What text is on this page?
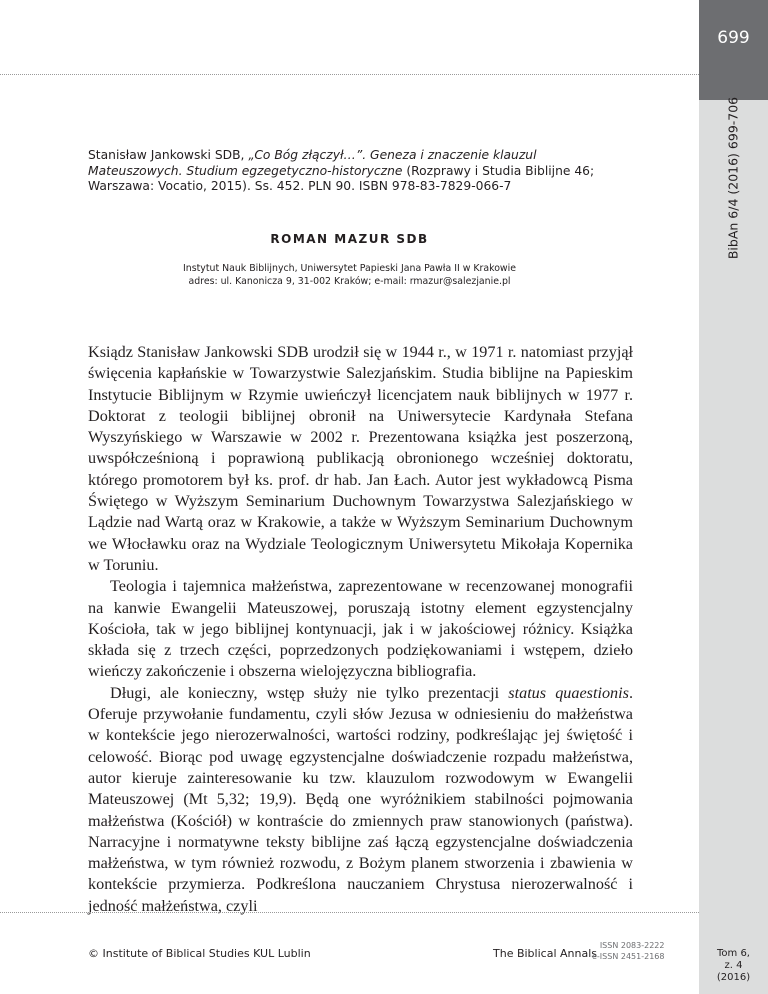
699
BibAn 6/4 (2016) 699-706
Tom 6,
z. 4
(2016)
Stanisław Jankowski SDB, „Co Bóg złączył…”. Geneza i znaczenie klauzul Mateuszowych. Studium egzegetyczno-historyczne (Rozprawy i Studia Biblijne 46; Warszawa: Vocatio, 2015). Ss. 452. PLN 90. ISBN 978-83-7829-066-7
ROMAN MAZUR SDB
Instytut Nauk Biblijnych, Uniwersytet Papieski Jana Pawła II w Krakowie
adres: ul. Kanonicza 9, 31-002 Kraków; e-mail: rmazur@salezjanie.pl

Ksiądz Stanisław Jankowski SDB urodził się w 1944 r., w 1971 r. natomiast przyjął święcenia kapłańskie w Towarzystwie Salezjańskim. Studia biblijne na Papieskim Instytucie Biblijnym w Rzymie uwieńczył licencjatem nauk biblijnych w 1977 r. Doktorat z teologii biblijnej obronił na Uniwersytecie Kardynała Stefana Wyszyńskiego w Warszawie w 2002 r. Prezentowana książka jest poszerzoną, uwspółcześnioną i poprawioną publikacją obronionego wcześniej doktoratu, którego promotorem był ks. prof. dr hab. Jan Łach. Autor jest wykładowcą Pisma Świętego w Wyższym Seminarium Duchownym Towarzystwa Salezjańskiego w Lądzie nad Wartą oraz w Krakowie, a także w Wyższym Seminarium Duchownym we Włocławku oraz na Wydziale Teologicznym Uniwersytetu Mikołaja Kopernika w Toruniu.

Teologia i tajemnica małżeństwa, zaprezentowane w recenzowanej monografii na kanwie Ewangelii Mateuszowej, poruszają istotny element egzystencjalny Kościoła, tak w jego biblijnej kontynuacji, jak i w jakościowej różnicy. Książka składa się z trzech części, poprzedzonych podziękowaniami i wstępem, dzieło wieńczy zakończenie i obszerna wielojęzyczna bibliografia.

Długi, ale konieczny, wstęp służy nie tylko prezentacji status quaestionis. Oferuje przywołanie fundamentu, czyli słów Jezusa w odniesieniu do małżeństwa w kontekście jego nierozerwalności, wartości rodziny, podkreślając jej świętość i celowość. Biorąc pod uwagę egzystencjalne doświadczenie rozpadu małżeństwa, autor kieruje zainteresowanie ku tzw. klauzulom rozwodowym w Ewangelii Mateuszowej (Mt 5,32; 19,9). Będą one wyróżnikiem stabilności pojmowania małżeństwa (Kościół) w kontraście do zmiennych praw stanowionych (państwa). Narracyjne i normatywne teksty biblijne zaś łączą egzystencjalne doświadczenia małżeństwa, w tym również rozwodu, z Bożym planem stworzenia i zbawienia w kontekście przymierza. Podkreślona nauczaniem Chrystusa nierozerwalność i jedność małżeństwa, czyli

© Institute of Biblical Studies KUL Lublin	The Biblical Annals
ISSN 2083-2222
e-ISSN 2451-2168
